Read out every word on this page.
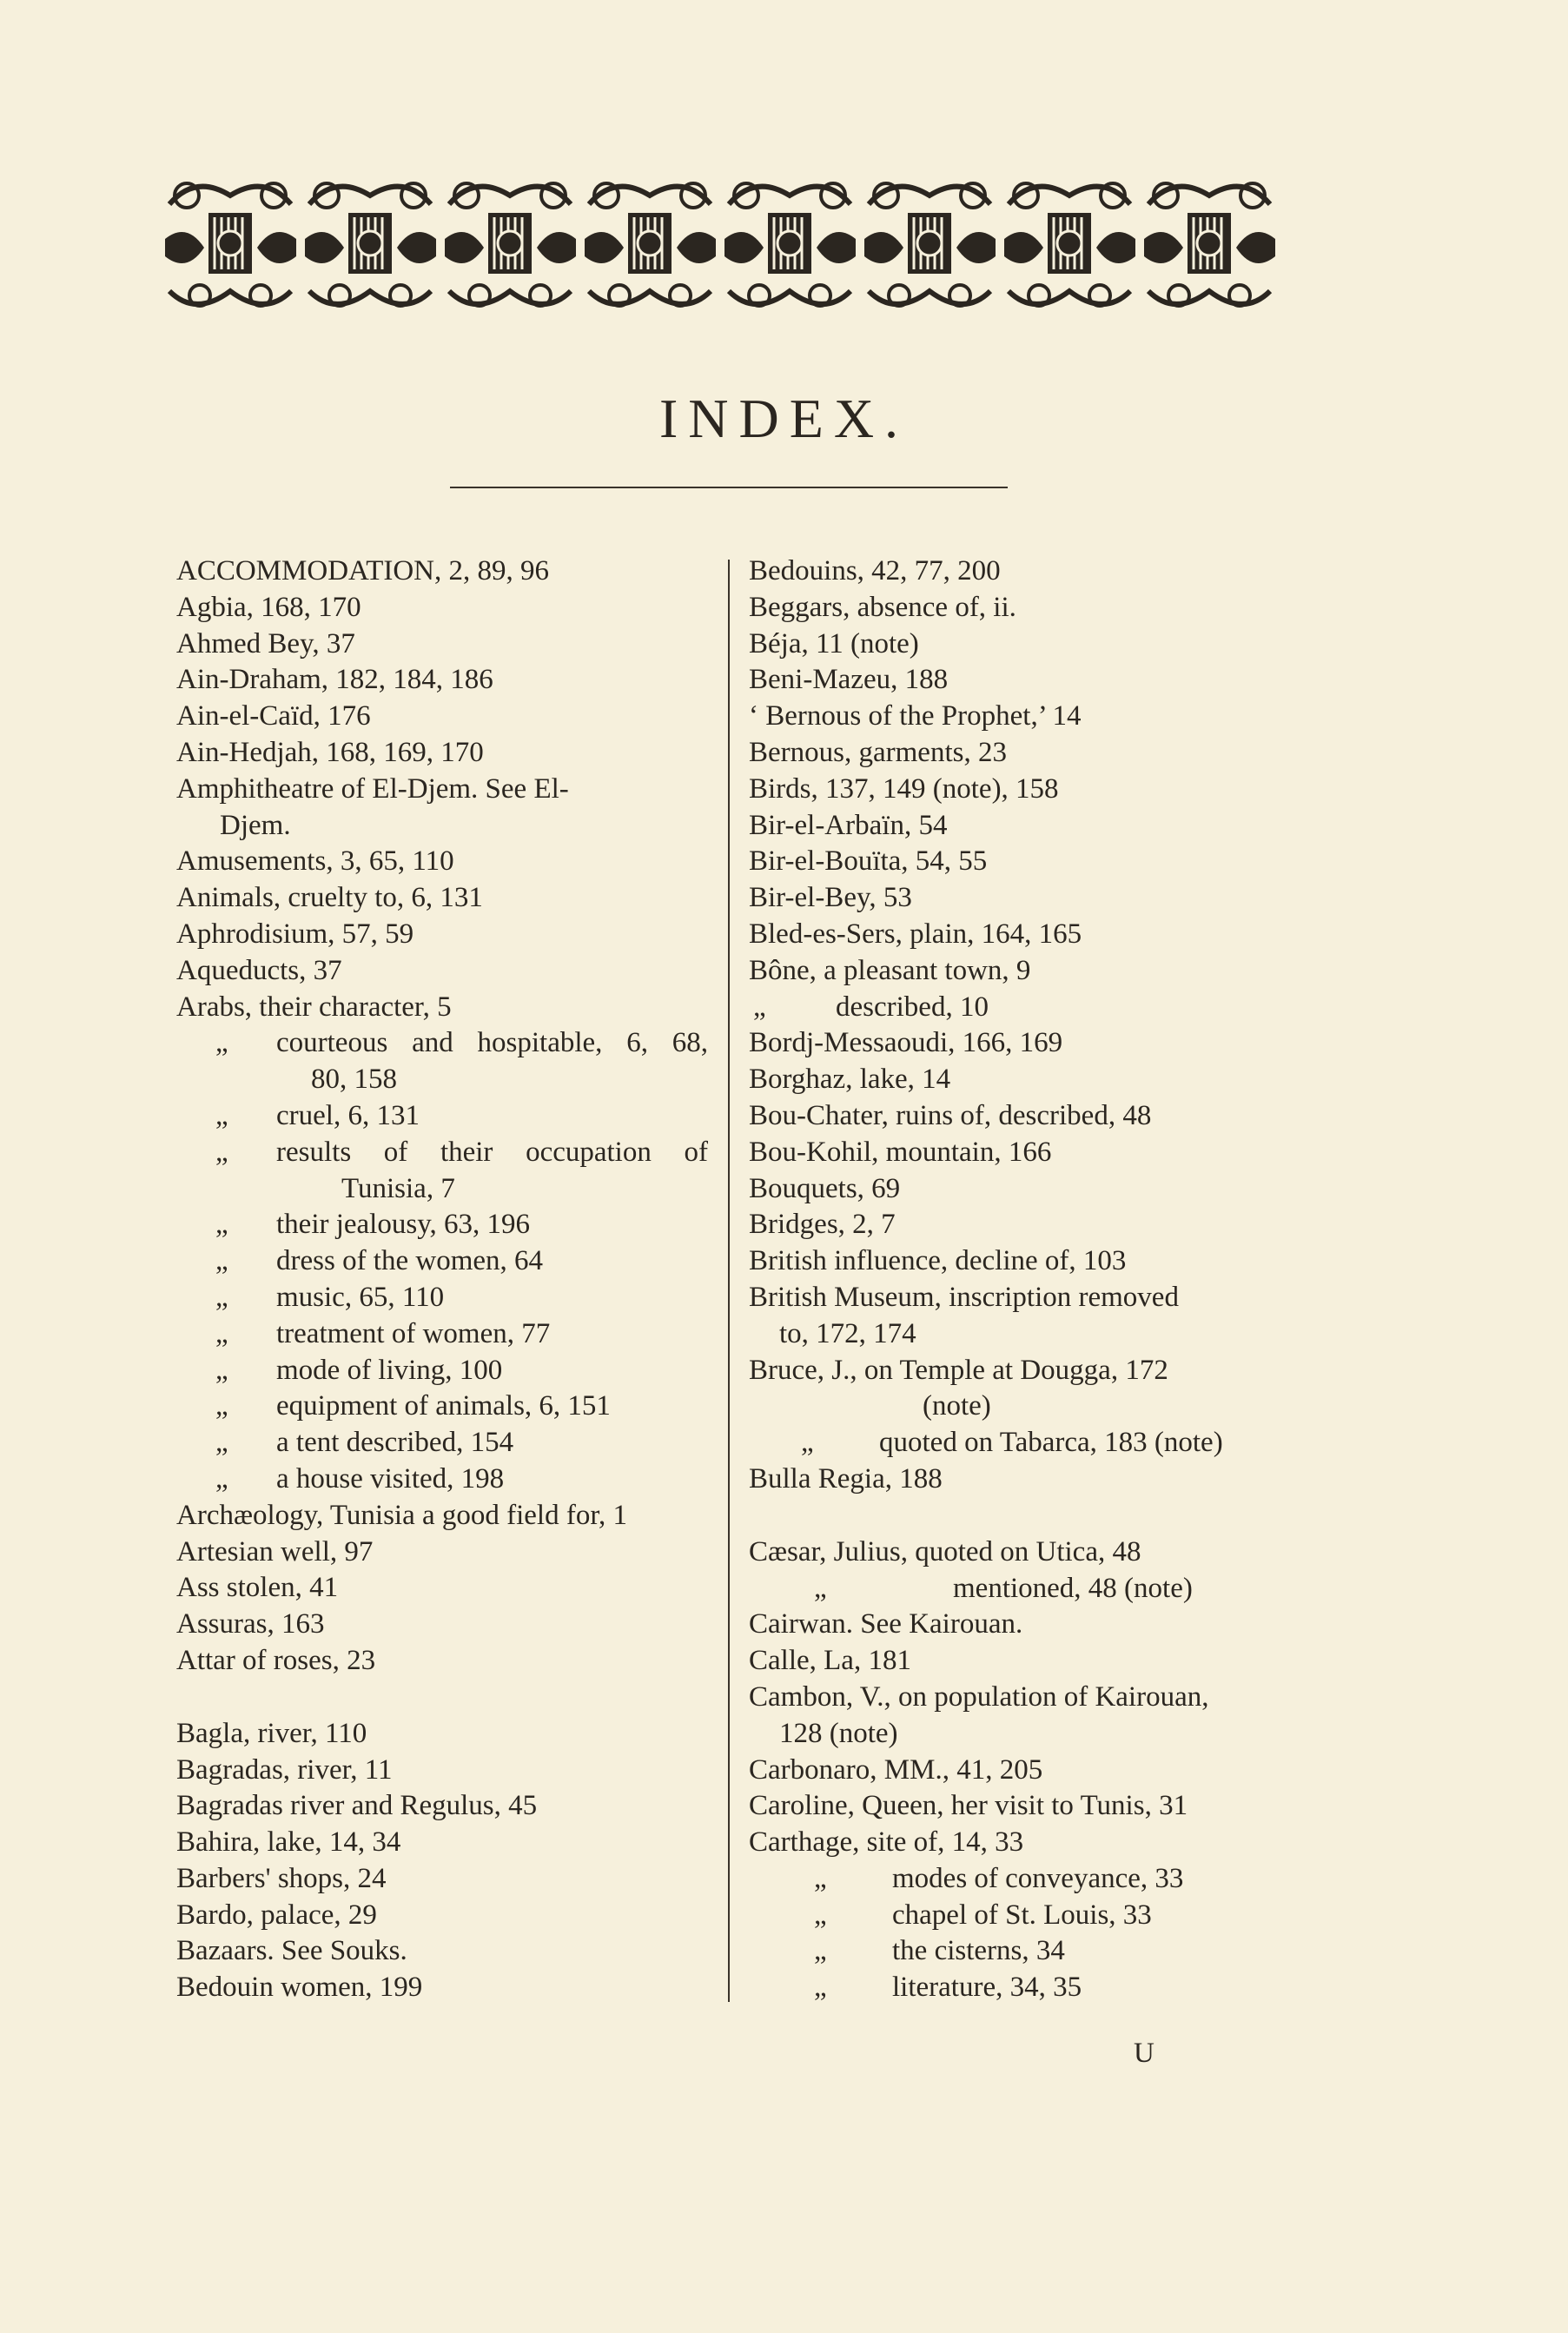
INDEX.
ACCOMMODATION, 2, 89, 96
Agbia, 168, 170
Ahmed Bey, 37
Ain-Draham, 182, 184, 186
Ain-el-Caïd, 176
Ain-Hedjah, 168, 169, 170
Amphitheatre of El-Djem. See El-
Djem.
Amusements, 3, 65, 110
Animals, cruelty to, 6, 131
Aphrodisium, 57, 59
Aqueducts, 37
Arabs, their character, 5
„	courteous and hospitable, 6, 68,
80, 158
„ cruel, 6, 131
„	results of their occupation of
Tunisia, 7
„ their jealousy, 63, 196
„ dress of the women, 64
„ music, 65, 110
„ treatment of women, 77
„ mode of living, 100
„ equipment of animals, 6, 151
„ a tent described, 154
„ a house visited, 198
Archæology, Tunisia a good field for, 1
Artesian well, 97
Ass stolen, 41
Assuras, 163
Attar of roses, 23
Bagla, river, 110
Bagradas, river, 11
Bagradas river and Regulus, 45
Bahira, lake, 14, 34
Barbers' shops, 24
Bardo, palace, 29
Bazaars. See Souks.
Bedouin women, 199
Bedouins, 42, 77, 200
Beggars, absence of, ii.
Béja, 11 (note)
Beni-Mazeu, 188
‘ Bernous of the Prophet,’ 14
Bernous, garments, 23
Birds, 137, 149 (note), 158
Bir-el-Arbaïn, 54
Bir-el-Bouïta, 54, 55
Bir-el-Bey, 53
Bled-es-Sers, plain, 164, 165
Bône, a pleasant town, 9
„ described, 10
Bordj-Messaoudi, 166, 169
Borghaz, lake, 14
Bou-Chater, ruins of, described, 48
Bou-Kohil, mountain, 166
Bouquets, 69
Bridges, 2, 7
British influence, decline of, 103
British Museum, inscription removed
to, 172, 174
Bruce, J., on Temple at Dougga, 172
(note)
„ quoted on Tabarca, 183 (note)
Bulla Regia, 188
Cæsar, Julius, quoted on Utica, 48
„	mentioned, 48 (note)
Cairwan. See Kairouan.
Calle, La, 181
Cambon, V., on population of Kairouan,
128 (note)
Carbonaro, MM., 41, 205
Caroline, Queen, her visit to Tunis, 31
Carthage, site of, 14, 33
„ modes of conveyance, 33
„ chapel of St. Louis, 33
„ the cisterns, 34
„ literature, 34, 35
U
